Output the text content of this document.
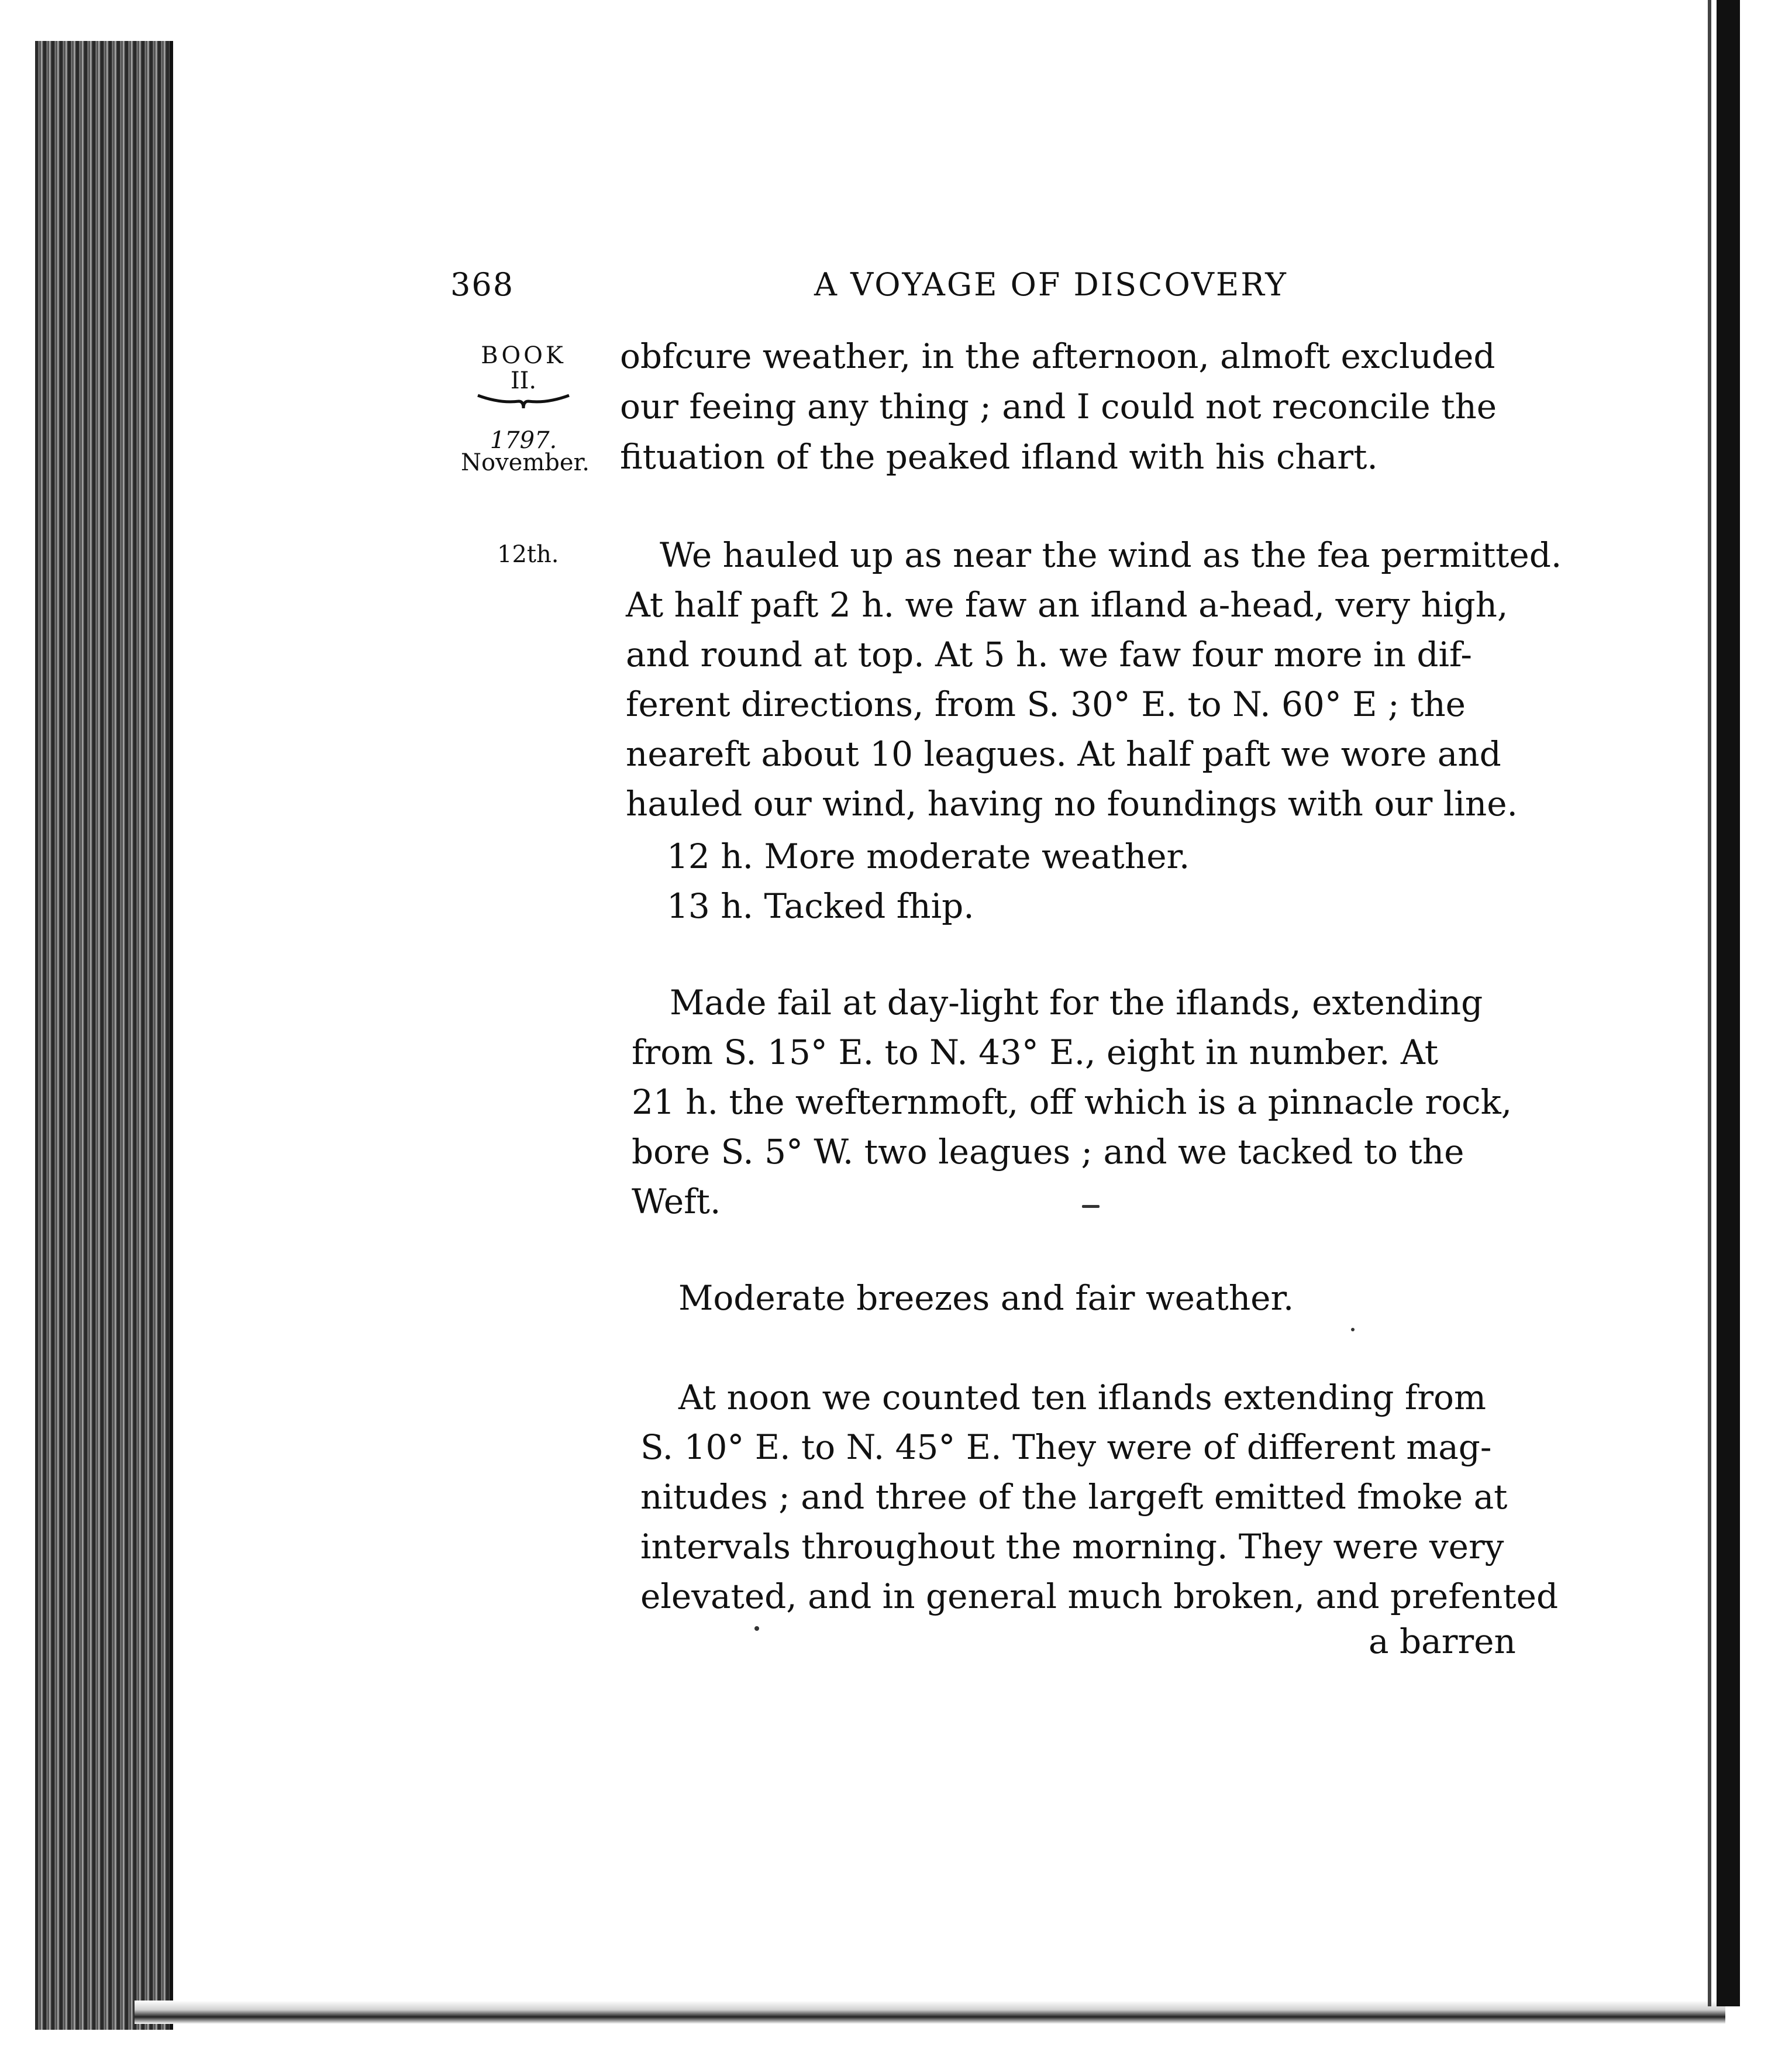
368	A VOYAGE OF DISCOVERY
BOOK
II.
1797.
November.
12th.
obfcure weather, in the afternoon, almoft excluded
our feeing any thing ; and I could not reconcile the
fituation of the peaked ifland with his chart.
We hauled up as near the wind as the fea permitted.
At half paft 2 h. we faw an ifland a-head, very high,
and round at top. At 5 h. we faw four more in dif-
ferent directions, from S. 30° E. to N. 60° E ; the
neareft about 10 leagues. At half paft we wore and
hauled our wind, having no foundings with our line.
12 h. More moderate weather.
13 h. Tacked fhip.
Made fail at day-light for the iflands, extending
from S. 15° E. to N. 43° E., eight in number. At
21 h. the wefternmoft, off which is a pinnacle rock,
bore S. 5° W. two leagues ; and we tacked to the
Weft.
Moderate breezes and fair weather.
At noon we counted ten iflands extending from
S. 10° E. to N. 45° E. They were of different mag-
nitudes ; and three of the largeft emitted fmoke at
intervals throughout the morning. They were very
elevated, and in general much broken, and prefented
a barren
